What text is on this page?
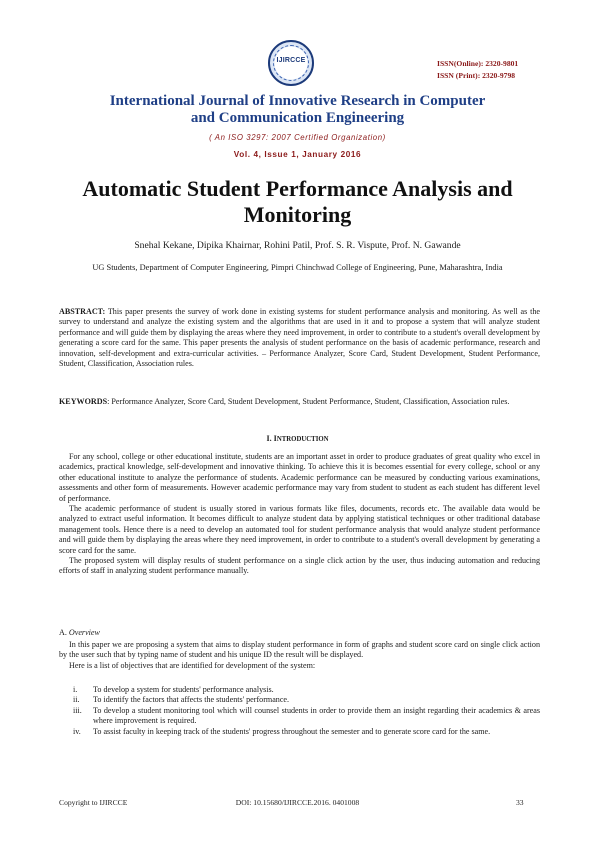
IJIRCCE	ISSN(Online): 2320-9801
ISSN (Print): 2320-9798
International Journal of Innovative Research in Computer
and Communication Engineering
( An ISO 3297: 2007 Certified Organization)
Vol. 4, Issue 1, January 2016
Automatic Student Performance Analysis and Monitoring
Snehal Kekane, Dipika Khairnar, Rohini Patil, Prof. S. R. Vispute, Prof. N. Gawande
UG Students, Department of Computer Engineering, Pimpri Chinchwad College of Engineering, Pune, Maharashtra, India
ABSTRACT: This paper presents the survey of work done in existing systems for student performance analysis and monitoring. As well as the survey to understand and analyze the existing system and the algorithms that are used in it and to propose a system that will analyze student performance and will guide them by displaying the areas where they need improvement, in order to contribute to a student's overall development by generating a score card for the same. This paper presents the analysis of student performance on the basis of academic performance, research and innovation, self-development and extra-curricular activities. – Performance Analyzer, Score Card, Student Development, Student Performance, Student, Classification, Association rules.
KEYWORDS: Performance Analyzer, Score Card, Student Development, Student Performance, Student, Classification, Association rules.
I. INTRODUCTION

For any school, college or other educational institute, students are an important asset in order to produce graduates of great quality who excel in academics, practical knowledge, self-development and innovative thinking. To achieve this it is becomes essential for every college, school or any other educational institute to analyze the performance of students. Academic performance can be measured by conducting various examinations, assessments and other form of measurements. However academic performance may vary from student to student as each student has different level of performance.

The academic performance of student is usually stored in various formats like files, documents, records etc. The available data would be analyzed to extract useful information. It becomes difficult to analyze student data by applying statistical techniques or other traditional database management tools. Hence there is a need to develop an automated tool for student performance analysis that would analyze student performance and will guide them by displaying the areas where they need improvement, in order to contribute to a student's overall development by generating a score card for the same.

The proposed system will display results of student performance on a single click action by the user, thus inducing automation and reducing efforts of staff in analyzing student performance manually.

A. Overview

In this paper we are proposing a system that aims to display student performance in form of graphs and student score card on single click action by the user such that by typing name of student and his unique ID the result will be displayed.

Here is a list of objectives that are identified for development of the system:

i. To develop a system for students' performance analysis.
ii. To identify the factors that affects the students' performance.
iii. To develop a student monitoring tool which will counsel students in order to provide them an insight regarding their academics & areas where improvement is required.
iv. To assist faculty in keeping track of the students' progress throughout the semester and to generate score card for the same.
Copyright to IJIRCCE	DOI: 10.15680/IJIRCCE.2016. 0401008	33
